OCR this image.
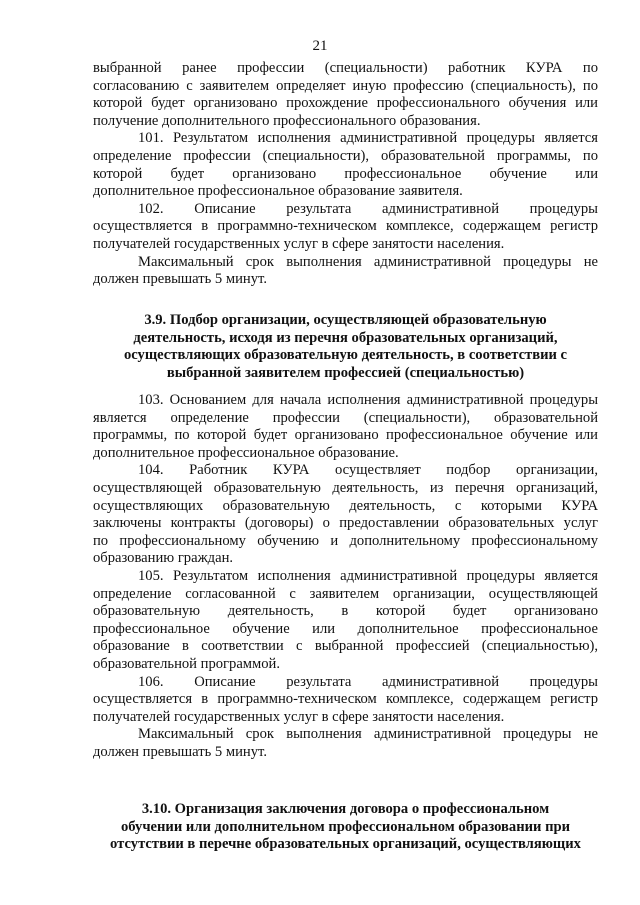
21

выбранной ранее профессии (специальности) работник КУРА по

согласованию с заявителем определяет иную профессию (специальность), по

которой будет организовано прохождение профессионального обучения или

получение дополнительного профессионального образования.

101. Результатом исполнения административной процедуры является

определение профессии (специальности), образовательной программы, по

которой будет организовано профессиональное обучение или

дополнительное профессиональное образование заявителя.

102. Описание результата административной процедуры

осуществляется в программно-техническом комплексе, содержащем регистр

получателей государственных услуг в сфере занятости населения.

Максимальный срок выполнения административной процедуры не

должен превышать 5 минут.

3.9. Подбор организации, осуществляющей образовательную
деятельность, исходя из перечня образовательных организаций,
осуществляющих образовательную деятельность, в соответствии с
выбранной заявителем профессией (специальностью)

103. Основанием для начала исполнения административной процедуры

является определение профессии (специальности), образовательной

программы, по которой будет организовано профессиональное обучение или

дополнительное профессиональное образование.

104. Работник КУРА осуществляет подбор организации,

осуществляющей образовательную деятельность, из перечня организаций,

осуществляющих образовательную деятельность, с которыми КУРА

заключены контракты (договоры) о предоставлении образовательных услуг

по профессиональному обучению и дополнительному профессиональному

образованию граждан.

105. Результатом исполнения административной процедуры является

определение согласованной с заявителем организации, осуществляющей

образовательную деятельность, в которой будет организовано

профессиональное обучение или дополнительное профессиональное

образование в соответствии с выбранной профессией (специальностью),

образовательной программой.

106. Описание результата административной процедуры

осуществляется в программно-техническом комплексе, содержащем регистр

получателей государственных услуг в сфере занятости населения.

Максимальный срок выполнения административной процедуры не

должен превышать 5 минут.

3.10. Организация заключения договора о профессиональном
обучении или дополнительном профессиональном образовании при
отсутствии в перечне образовательных организаций, осуществляющих
